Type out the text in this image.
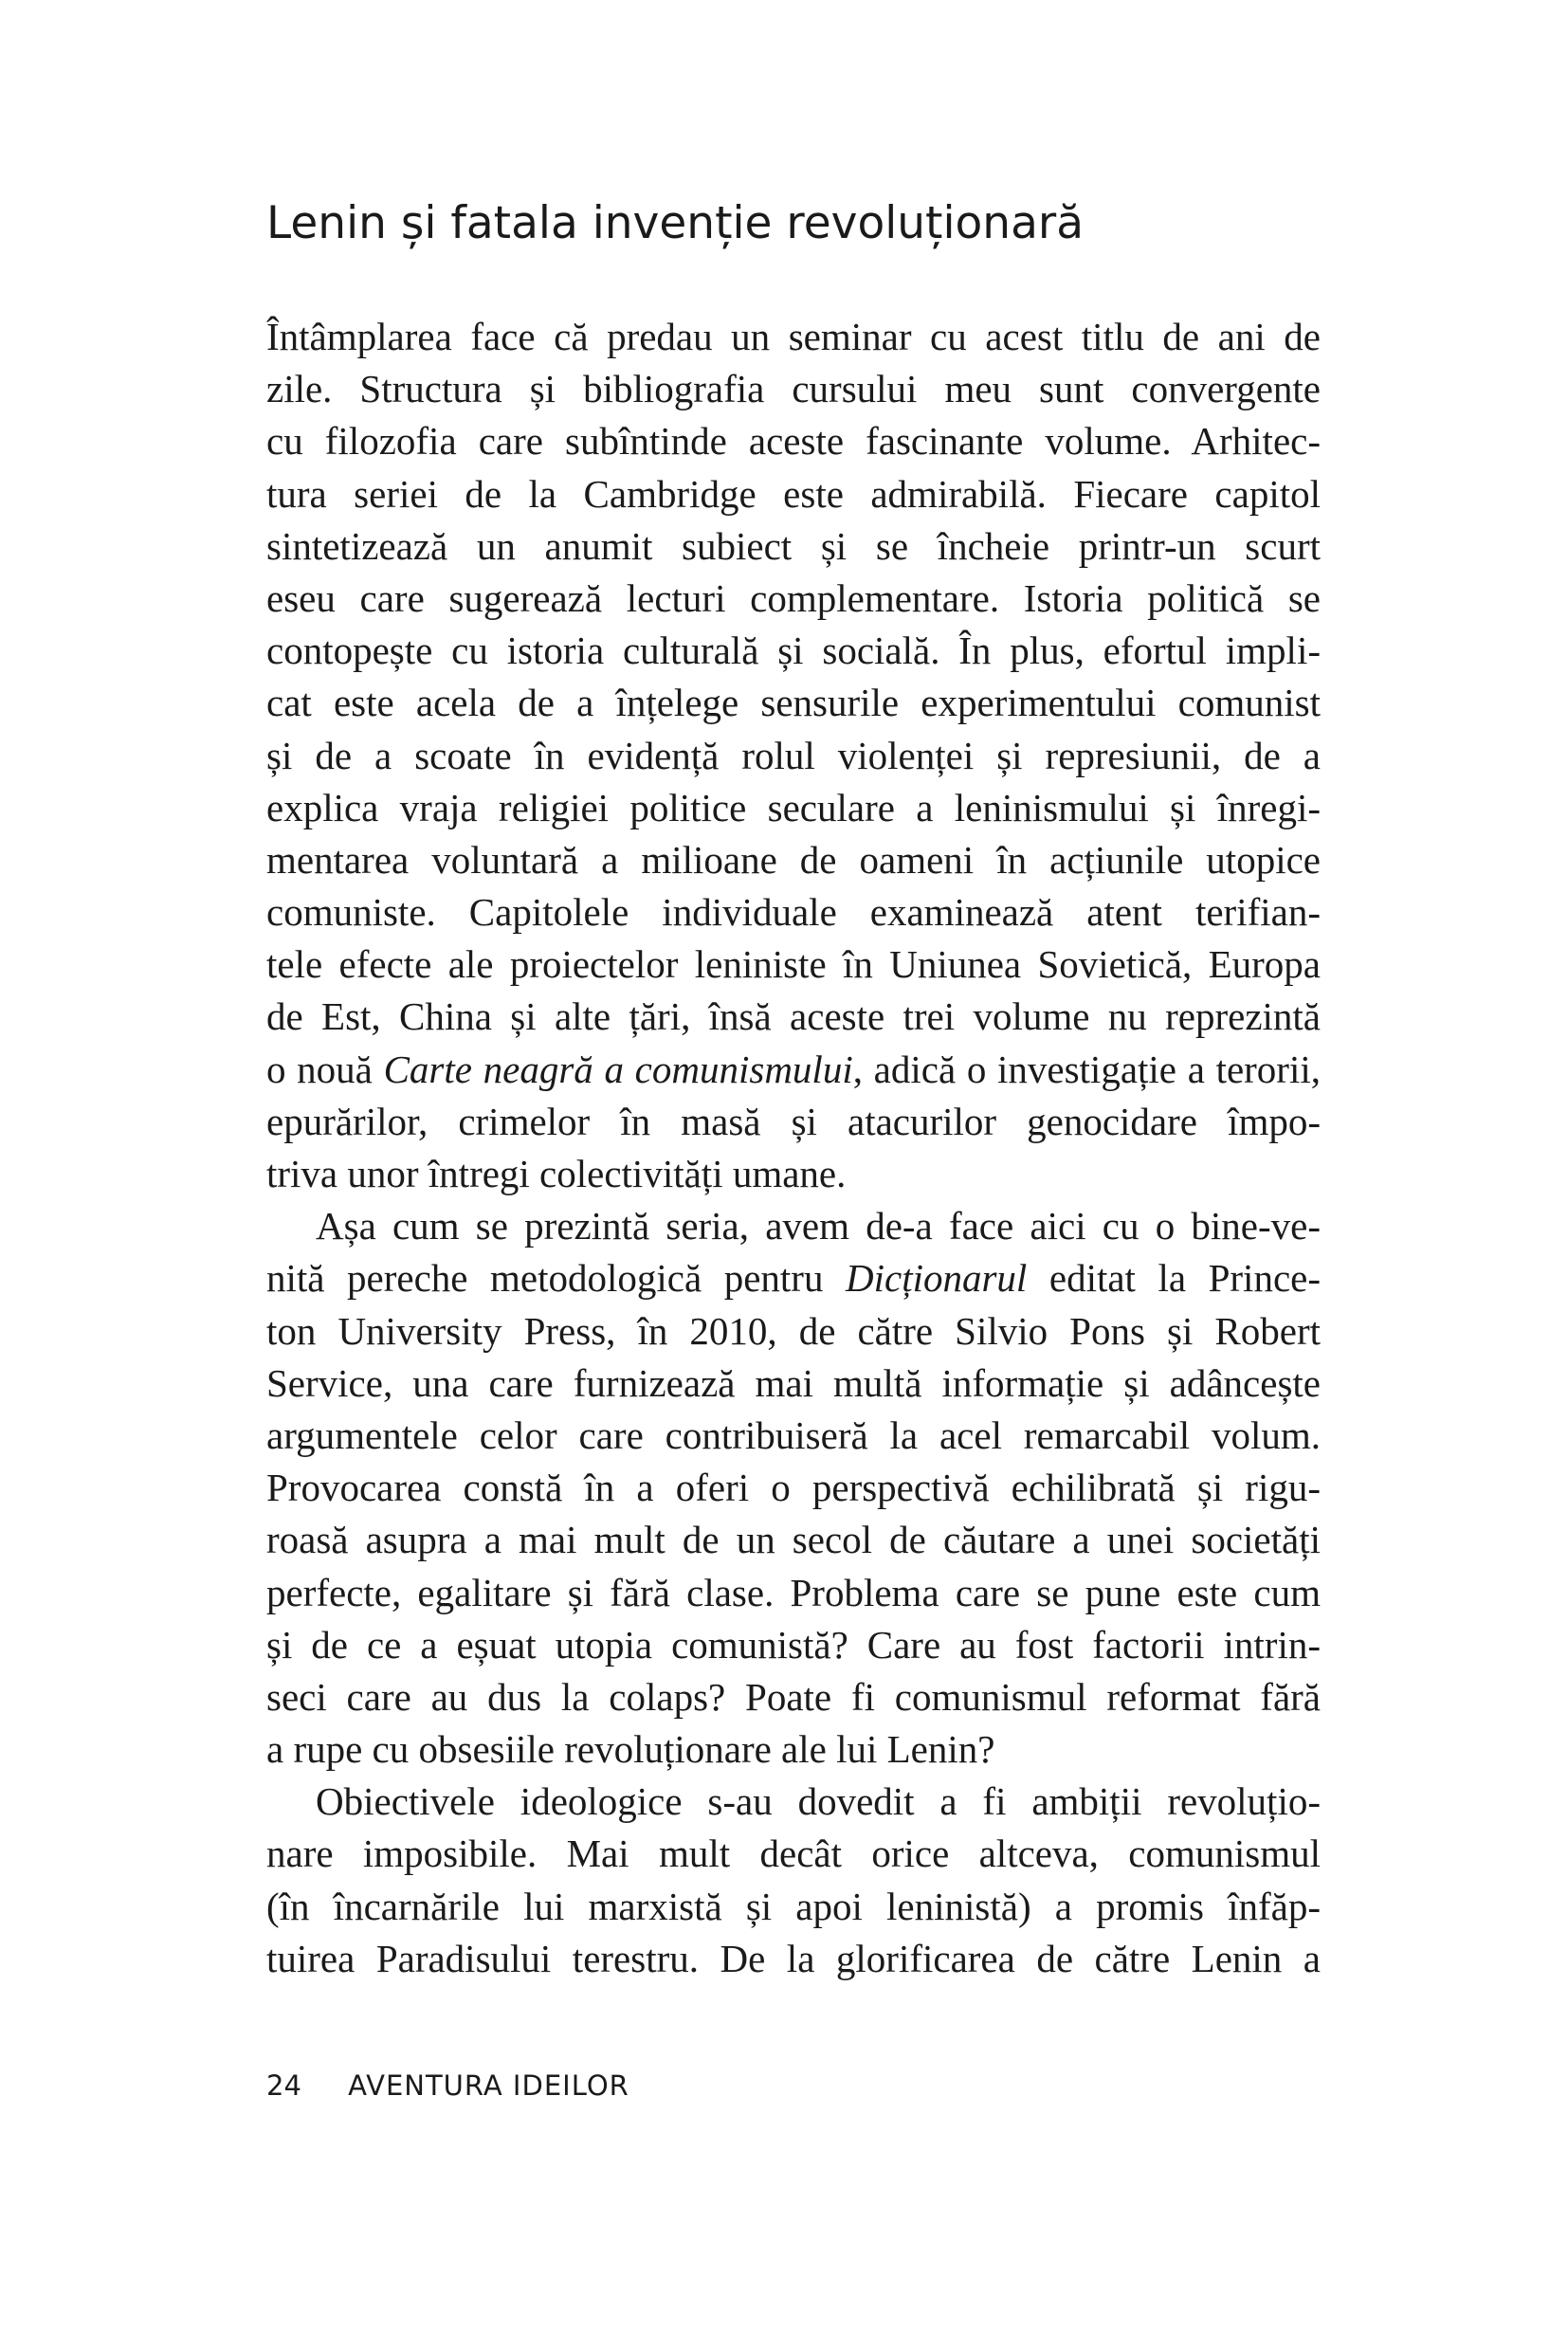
Lenin și fatala invenție revoluționară
Întâmplarea face că predau un seminar cu acest titlu de ani de
zile. Structura și bibliografia cursului meu sunt convergente
cu filozofia care subîntinde aceste fascinante volume. Arhitec-
tura seriei de la Cambridge este admirabilă. Fiecare capitol
sintetizează un anumit subiect și se încheie printr-un scurt
eseu care sugerează lecturi complementare. Istoria politică se
contopește cu istoria culturală și socială. În plus, efortul impli-
cat este acela de a înțelege sensurile experimentului comunist
și de a scoate în evidență rolul violenței și represiunii, de a
explica vraja religiei politice seculare a leninismului și înregi-
mentarea voluntară a milioane de oameni în acțiunile utopice
comuniste. Capitolele individuale examinează atent terifian-
tele efecte ale proiectelor leniniste în Uniunea Sovietică, Europa
de Est, China și alte țări, însă aceste trei volume nu reprezintă
o nouă Carte neagră a comunismului, adică o investigație a terorii,
epurărilor, crimelor în masă și atacurilor genocidare împo-
triva unor întregi colectivități umane.
Așa cum se prezintă seria, avem de-a face aici cu o bine-ve-
nită pereche metodologică pentru Dicționarul editat la Prince-
ton University Press, în 2010, de către Silvio Pons și Robert
Service, una care furnizează mai multă informație și adâncește
argumentele celor care contribuiseră la acel remarcabil volum.
Provocarea constă în a oferi o perspectivă echilibrată și rigu-
roasă asupra a mai mult de un secol de căutare a unei societăți
perfecte, egalitare și fără clase. Problema care se pune este cum
și de ce a eșuat utopia comunistă? Care au fost factorii intrin-
seci care au dus la colaps? Poate fi comunismul reformat fără
a rupe cu obsesiile revoluționare ale lui Lenin?
Obiectivele ideologice s-au dovedit a fi ambiții revoluțio-
nare imposibile. Mai mult decât orice altceva, comunismul
(în încarnările lui marxistă și apoi leninistă) a promis înfăp-
tuirea Paradisului terestru. De la glorificarea de către Lenin a
24 AVENTURA IDEILOR
